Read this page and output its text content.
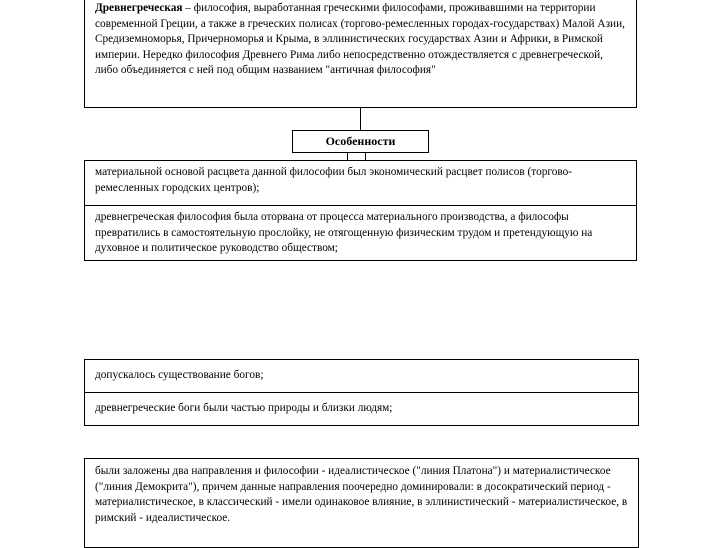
Древнегреческая – философия, выработанная греческими философами, проживавшими на территории современной Греции, а также в греческих полисах (торгово-ремесленных городах-государствах) Малой Азии, Средиземноморья, Причерноморья и Крыма, в эллинистических государствах Азии и Африки, в Римской империи. Нередко философия Древнего Рима либо непосредственно отождествляется с древнегреческой, либо объединяется с ней под общим названием "античная философия"
Особенности
материальной основой расцвета данной философии был экономический расцвет полисов (торгово-ремесленных городских центров);
древнегреческая философия была оторвана от процесса материального производства, а философы превратились в самостоятельную прослойку, не отягощенную физическим трудом и претендующую на духовное и политическое руководство обществом;
допускалось существование богов;
древнегреческие боги были частью природы и близки людям;
были заложены два направления и философии - идеалистическое ("линия Платона") и материалистическое ("линия Демокрита"), причем данные направления поочередно доминировали: в досократический период - материалистическое, в классический - имели одинаковое влияние, в эллинистический - материалистическое, в римский - идеалистическое.
